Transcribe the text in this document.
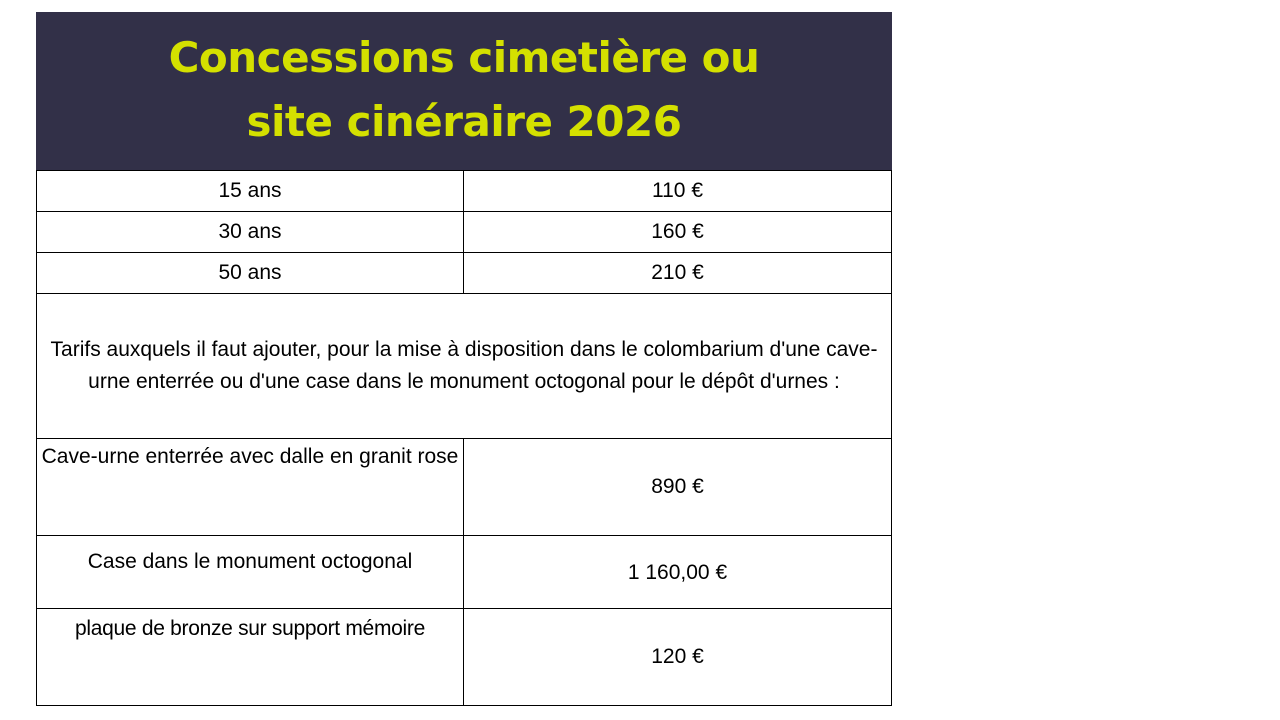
Concessions cimetière ou
site cinéraire 2026	

15 ans	110 €
30 ans	160 €
50 ans	210 €
Tarifs auxquels il faut ajouter, pour la mise à disposition dans le colombarium d'une cave-urne enterrée ou d'une case dans le monument octogonal pour le dépôt d'urnes :	
Cave-urne enterrée avec dalle en granit rose	890 €
Case dans le monument octogonal	1 160,00 €
plaque de bronze sur support mémoire	120 €
